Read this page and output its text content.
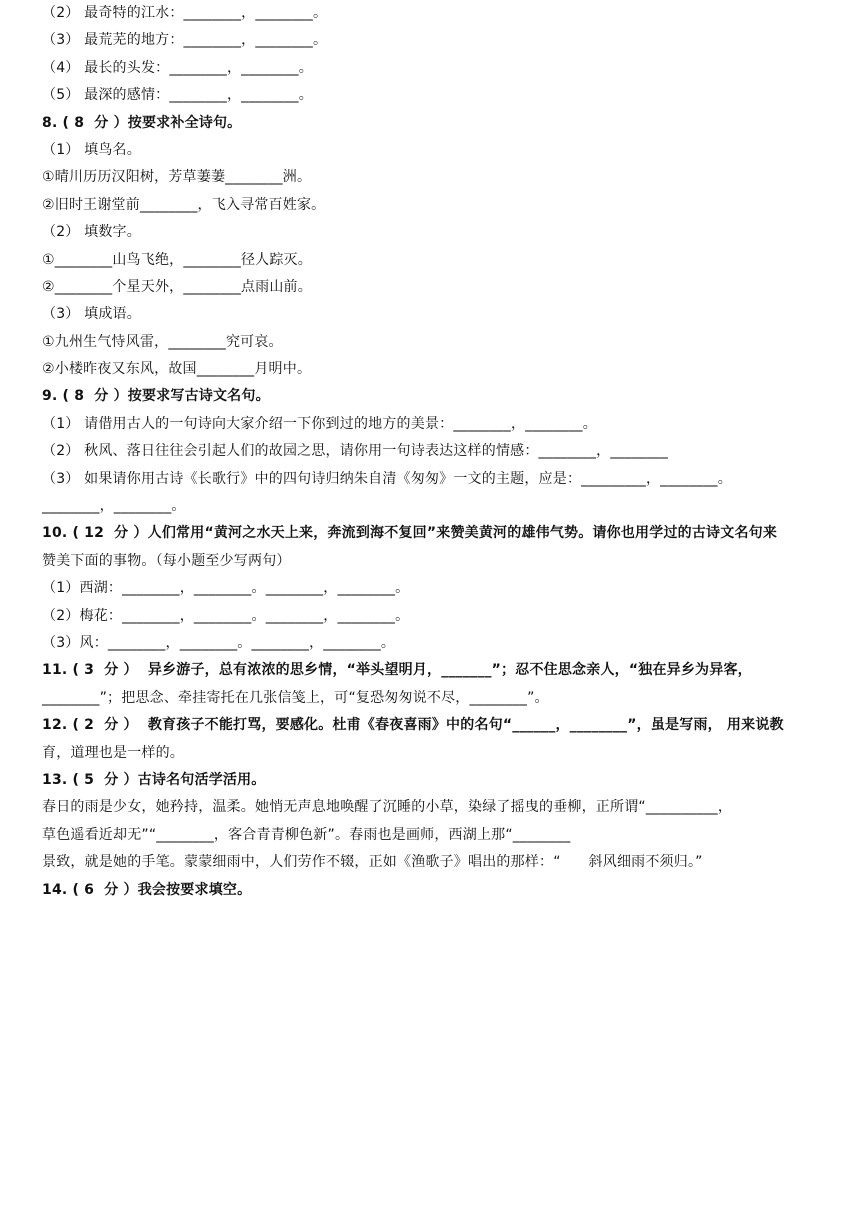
（2） 最奇特的江水：________，________。
（3） 最荒芜的地方：________，________。
（4） 最长的头发：________，________。
（5） 最深的感情：________，________。
8. ( 8  分 ）按要求补全诗句。
（1） 填鸟名。
①晴川历历汉阳树，芳草萋萋________洲。
②旧时王谢堂前________，飞入寻常百姓家。
（2） 填数字。
①________山鸟飞绝，________径人踪灭。
②________个星天外，________点雨山前。
（3） 填成语。
①九州生气恃风雷，________究可哀。
②小楼昨夜又东风，故国________月明中。
9. ( 8  分 ）按要求写古诗文名句。
（1） 请借用古人的一句诗向大家介绍一下你到过的地方的美景：________，________。
（2） 秋风、落日往往会引起人们的故园之思，请你用一句诗表达这样的情感：________，________
（3） 如果请你用古诗《长歌行》中的四句诗归纳朱自清《匆匆》一文的主题，应是：_________，________。
________，________。
10. ( 12  分 ）人们常用“黄河之水天上来，奔流到海不复回”来赞美黄河的雄伟气势。请你也用学过的古诗文名句来
赞美下面的事物。（每小题至少写两句）
（1）西湖：________，________。________，________。
（2）梅花：________，________。________，________。
（3）风：________，________。________，________。
11. ( 3  分 ）  异乡游子，总有浓浓的思乡情，“举头望明月，_______”；忍不住思念亲人，“独在异乡为异客，
________”；把思念、牵挂寄托在几张信笺上，可“复恐匆匆说不尽，________”。
12. ( 2  分 ）  教育孩子不能打骂，要感化。杜甫《春夜喜雨》中的名句“______，________”，虽是写雨， 用来说教
育，道理也是一样的。
13. ( 5  分 ）古诗名句活学活用。
春日的雨是少女，她矜持，温柔。她悄无声息地唤醒了沉睡的小草，染绿了摇曳的垂柳，正所谓“__________，
草色遥看近却无”“________，客合青青柳色新”。春雨也是画师，西湖上那“________
景致，就是她的手笔。蒙蒙细雨中，人们劳作不辍，正如《渔歌子》唱出的那样：“      斜风细雨不须归。”
14. ( 6  分 ）我会按要求填空。
